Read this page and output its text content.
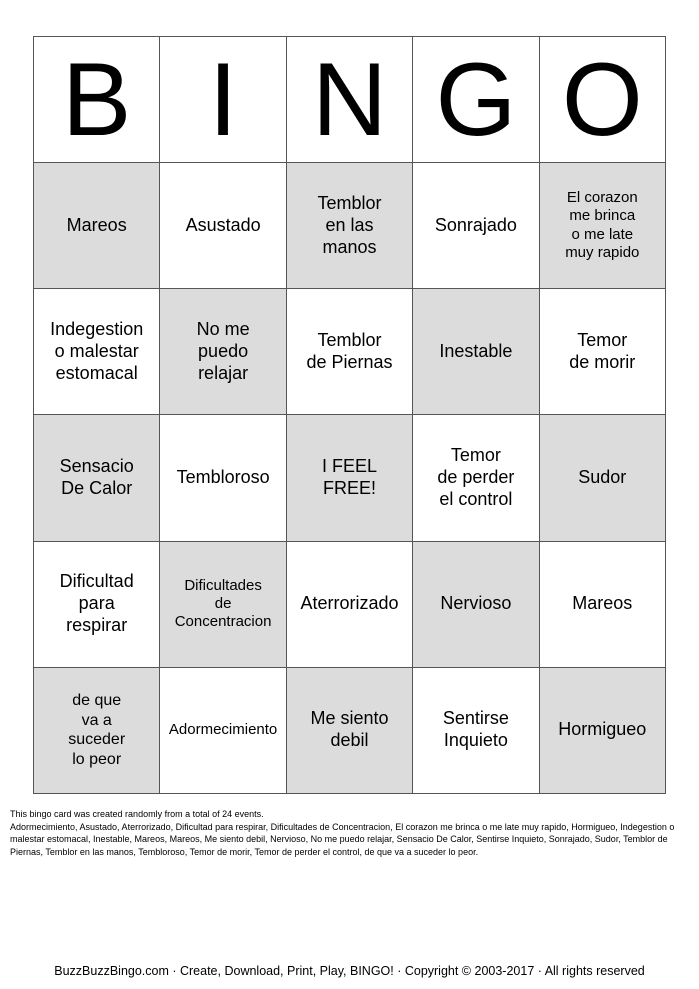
B I N G O
Mareos	Asustado
Temblor
en las
manos
Sonrajado
El corazon
me brinca
o me late
muy rapido
Indegestion
o malestar
estomacal
No me
puedo
relajar
Temblor
de Piernas
Inestable
Temor
de morir
Sensacio
De Calor
Tembloroso
I FEEL
FREE!
Temor
de perder
el control
Sudor
Dificultad
para
respirar
Dificultades
de
Concentracion
Aterrorizado Nervioso	Mareos
de que
va a
suceder
lo peor
Adormecimiento
Me siento
debil
Sentirse
Inquieto
Hormigueo
This bingo card was created randomly from a total of 24 events.
Adormecimiento, Asustado, Aterrorizado, Dificultad para respirar, Dificultades de Concentracion, El corazon me brinca o me late muy rapido, Hormigueo, Indegestion o malestar estomacal, Inestable, Mareos, Mareos, Me siento debil, Nervioso, No me puedo relajar, Sensacio De Calor, Sentirse Inquieto, Sonrajado, Sudor, Temblor de Piernas, Temblor en las manos, Tembloroso, Temor de morir, Temor de perder el control, de que va a suceder lo peor.
BuzzBuzzBingo.com · Create, Download, Print, Play, BINGO! · Copyright © 2003-2017 · All rights reserved
